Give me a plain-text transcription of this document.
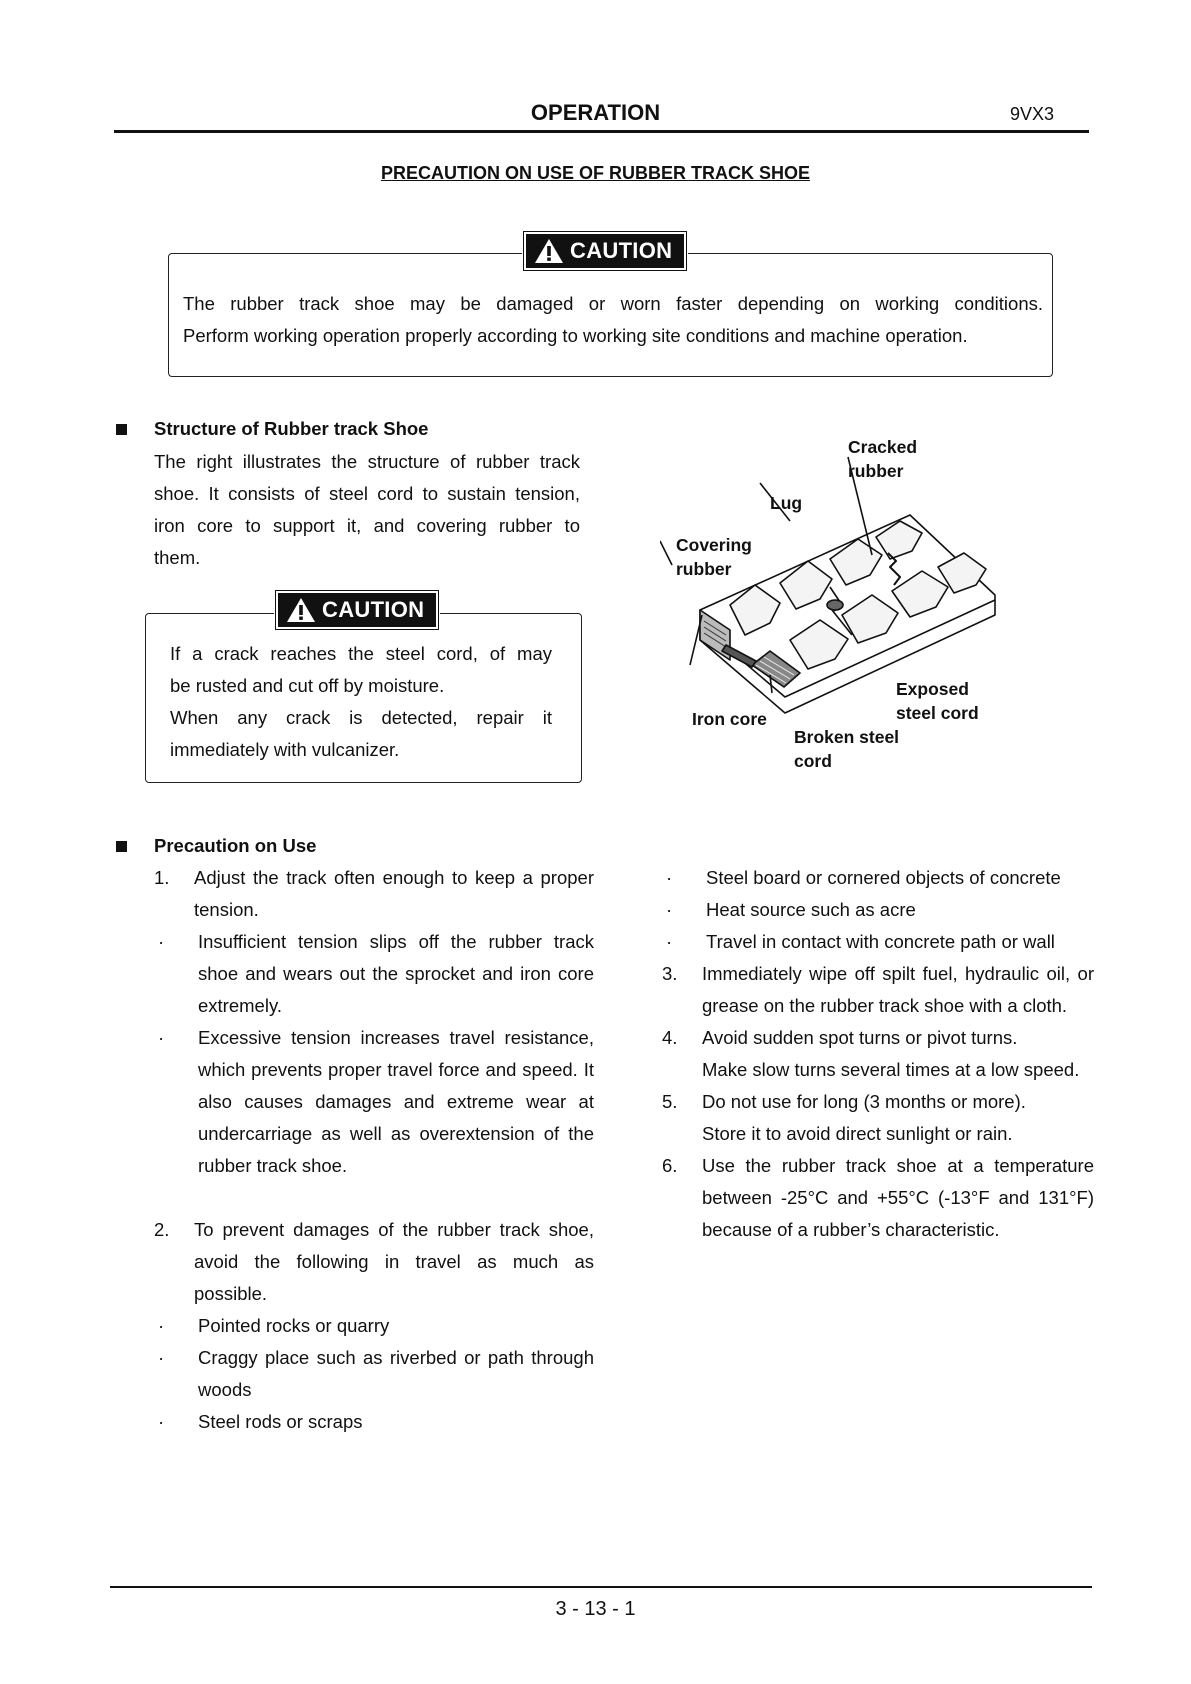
OPERATION	9VX3
PRECAUTION ON USE OF RUBBER TRACK SHOE
The rubber track shoe may be damaged or worn faster depending on working conditions.
Perform working operation properly according to working site conditions and machine operation.
CAUTION
Structure of Rubber track Shoe
The right illustrates the structure of rubber track
shoe. It consists of steel cord to sustain tension,
iron core to support it, and covering rubber to
them.
If a crack reaches the steel cord, of may
be rusted and cut off by moisture.
When any crack is detected, repair it
immediately with vulcanizer.
CAUTION
Cracked
rubber
Lug
Covering
rubber
Exposed
steel cord
Iron core
Broken steel
cord
Precaution on Use
1.	Adjust the track often enough to keep a proper tension.
·	Insufficient tension slips off the rubber track shoe and wears out the sprocket and iron core extremely.
·	Excessive tension increases travel resistance, which prevents proper travel force and speed. It also causes damages and extreme wear at undercarriage as well as overextension of the rubber track shoe.
2.	To prevent damages of the rubber track shoe, avoid the following in travel as much as possible.
·	Pointed rocks or quarry
·	Craggy place such as riverbed or path through woods
·	Steel rods or scraps
·	Steel board or cornered objects of concrete
·	Heat source such as acre
·	Travel in contact with concrete path or wall
3.	Immediately wipe off spilt fuel, hydraulic oil, or grease on the rubber track shoe with a cloth.
4.	Avoid sudden spot turns or pivot turns.
Make slow turns several times at a low speed.
5.	Do not use for long (3 months or more).
Store it to avoid direct sunlight or rain.
6.	Use the rubber track shoe at a temperature between -25°C and +55°C (-13°F and 131°F) because of a rubber’s characteristic.
3 - 13 - 1
